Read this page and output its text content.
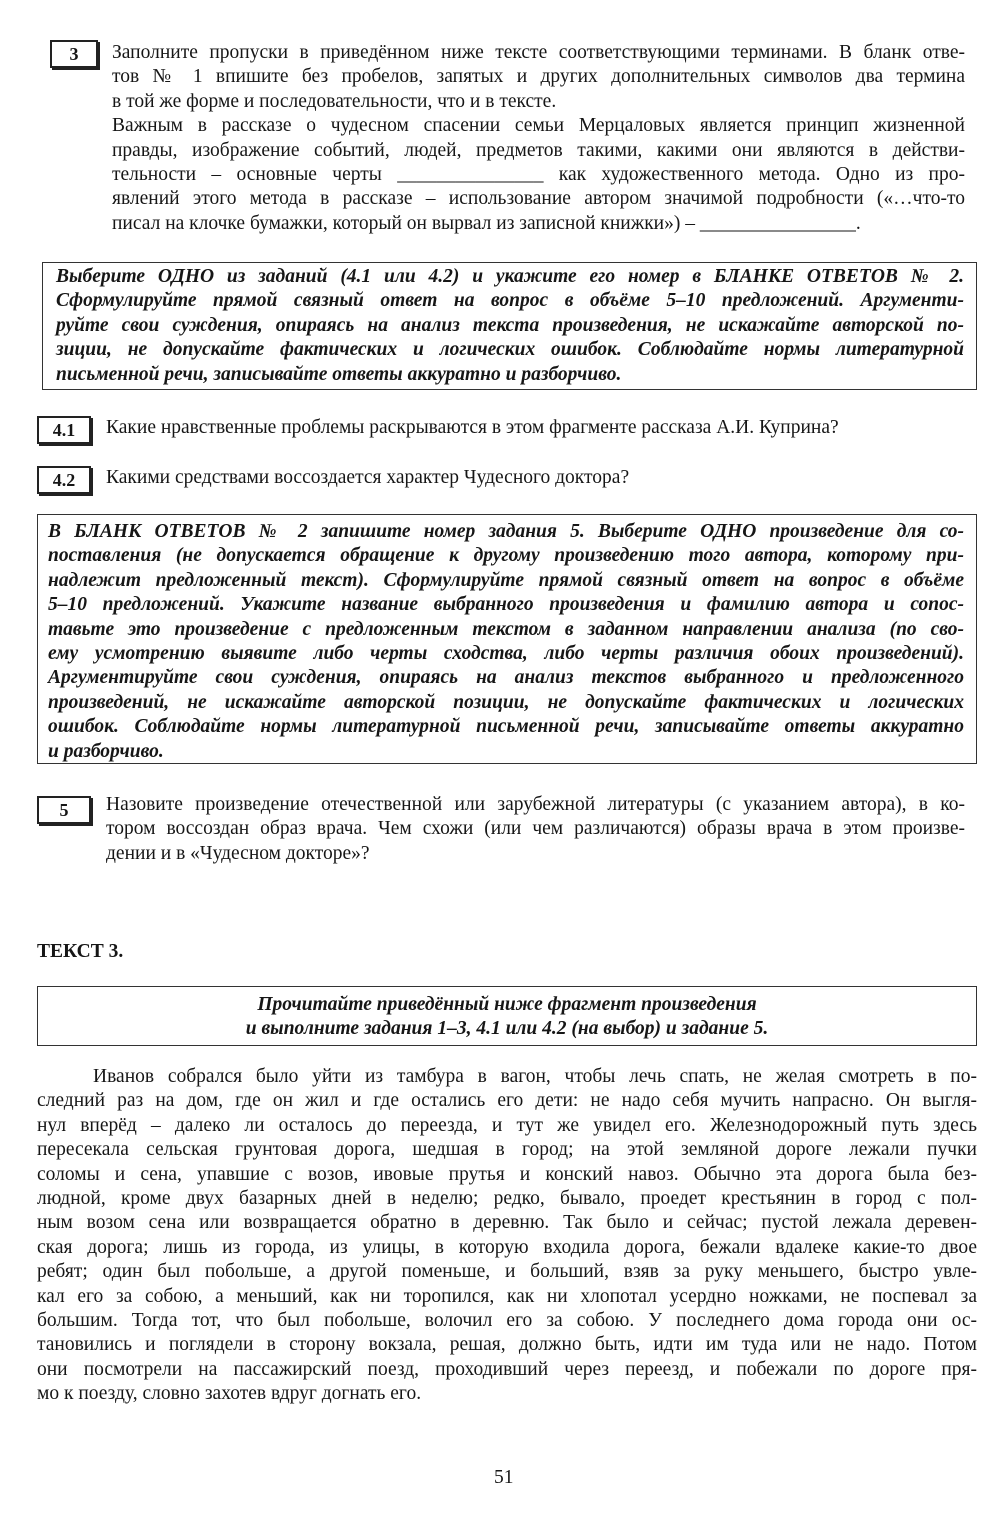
3	Заполните пропуски в приведённом ниже тексте соответствующими терминами. В бланк отве-
тов № 1 впишите без пробелов, запятых и других дополнительных символов два термина
в той же форме и последовательности, что и в тексте.
Важным в рассказе о чудесном спасении семьи Мерцаловых является принцип жизненной
правды, изображение событий, людей, предметов такими, какими они являются в действи-
тельности – основные черты _______________ как художественного метода. Одно из про-
явлений этого метода в рассказе – использование автором значимой подробности («…что-то
писал на клочке бумажки, который он вырвал из записной книжки») – ________________.
Выберите ОДНО из заданий (4.1 или 4.2) и укажите его номер в БЛАНКЕ ОТВЕТОВ № 2.
Сформулируйте прямой связный ответ на вопрос в объёме 5–10 предложений. Аргументи-
руйте свои суждения, опираясь на анализ текста произведения, не искажайте авторской по-
зиции, не допускайте фактических и логических ошибок. Соблюдайте нормы литературной
письменной речи, записывайте ответы аккуратно и разборчиво.
4.1	Какие нравственные проблемы раскрываются в этом фрагменте рассказа А.И. Куприна?
4.2	Какими средствами воссоздается характер Чудесного доктора?
В БЛАНК ОТВЕТОВ № 2 запишите номер задания 5. Выберите ОДНО произведение для со-
поставления (не допускается обращение к другому произведению того автора, которому при-
надлежит предложенный текст). Сформулируйте прямой связный ответ на вопрос в объёме
5–10 предложений. Укажите название выбранного произведения и фамилию автора и сопос-
тавьте это произведение с предложенным текстом в заданном направлении анализа (по сво-
ему усмотрению выявите либо черты сходства, либо черты различия обоих произведений).
Аргументируйте свои суждения, опираясь на анализ текстов выбранного и предложенного
произведений, не искажайте авторской позиции, не допускайте фактических и логических
ошибок. Соблюдайте нормы литературной письменной речи, записывайте ответы аккуратно
и разборчиво.
5	Назовите произведение отечественной или зарубежной литературы (с указанием автора), в ко-
тором воссоздан образ врача. Чем схожи (или чем различаются) образы врача в этом произве-
дении и в «Чудесном докторе»?
ТЕКСТ 3.
Прочитайте приведённый ниже фрагмент произведения
и выполните задания 1–3, 4.1 или 4.2 (на выбор) и задание 5.
Иванов собрался было уйти из тамбура в вагон, чтобы лечь спать, не желая смотреть в по-
следний раз на дом, где он жил и где остались его дети: не надо себя мучить напрасно. Он выгля-
нул вперёд – далеко ли осталось до переезда, и тут же увидел его. Железнодорожный путь здесь
пересекала сельская грунтовая дорога, шедшая в город; на этой земляной дороге лежали пучки
соломы и сена, упавшие с возов, ивовые прутья и конский навоз. Обычно эта дорога была без-
людной, кроме двух базарных дней в неделю; редко, бывало, проедет крестьянин в город с пол-
ным возом сена или возвращается обратно в деревню. Так было и сейчас; пустой лежала деревен-
ская дорога; лишь из города, из улицы, в которую входила дорога, бежали вдалеке какие-то двое
ребят; один был побольше, а другой поменьше, и больший, взяв за руку меньшего, быстро увле-
кал его за собою, а меньший, как ни торопился, как ни хлопотал усердно ножками, не поспевал за
большим. Тогда тот, что был побольше, волочил его за собою. У последнего дома города они ос-
тановились и поглядели в сторону вокзала, решая, должно быть, идти им туда или не надо. Потом
они посмотрели на пассажирский поезд, проходивший через переезд, и побежали по дороге пря-
мо к поезду, словно захотев вдруг догнать его.
51
